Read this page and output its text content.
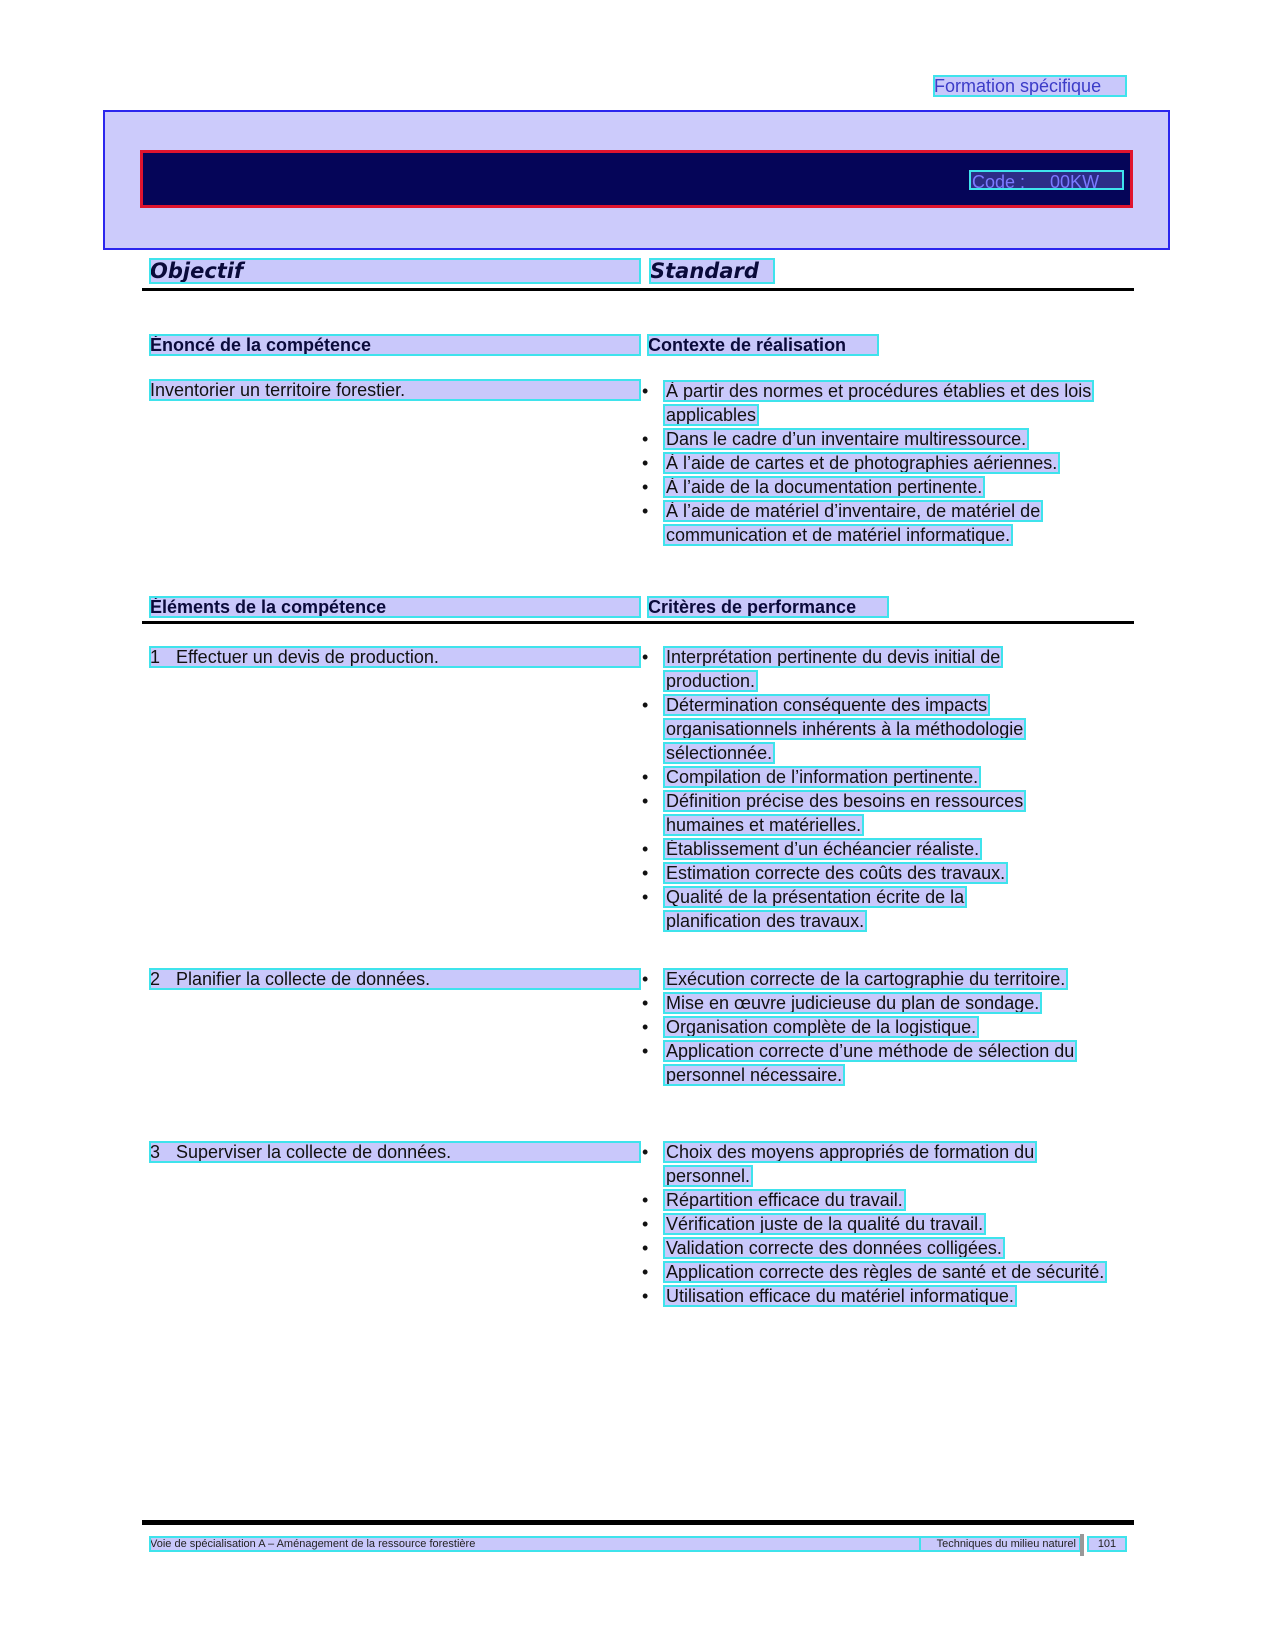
Formation spécifique
Code :     00KW
Objectif	Standard
Énoncé de la compétence	Contexte de réalisation
Inventorier un territoire forestier.	• À partir des normes et procédures établies et des lois applicables
• Dans le cadre d’un inventaire multiressource.
• À l’aide de cartes et de photographies aériennes.
• À l’aide de la documentation pertinente.
• À l’aide de matériel d’inventaire, de matériel de communication et de matériel informatique.
Éléments de la compétence	Critères de performance
1 Effectuer un devis de production.	• Interprétation pertinente du devis initial de production.
• Détermination conséquente des impacts organisationnels inhérents à la méthodologie sélectionnée.
• Compilation de l’information pertinente.
• Définition précise des besoins en ressources humaines et matérielles.
• Établissement d’un échéancier réaliste.
• Estimation correcte des coûts des travaux.
• Qualité de la présentation écrite de la planification des travaux.
2 Planifier la collecte de données.	• Exécution correcte de la cartographie du territoire.
• Mise en œuvre judicieuse du plan de sondage.
• Organisation complète de la logistique.
• Application correcte d’une méthode de sélection du personnel nécessaire.
3 Superviser la collecte de données.	• Choix des moyens appropriés de formation du personnel.
• Répartition efficace du travail.
• Vérification juste de la qualité du travail.
• Validation correcte des données colligées.
• Application correcte des règles de santé et de sécurité.
• Utilisation efficace du matériel informatique.
Voie de spécialisation A – Aménagement de la ressource forestière	Techniques du milieu naturel	101
